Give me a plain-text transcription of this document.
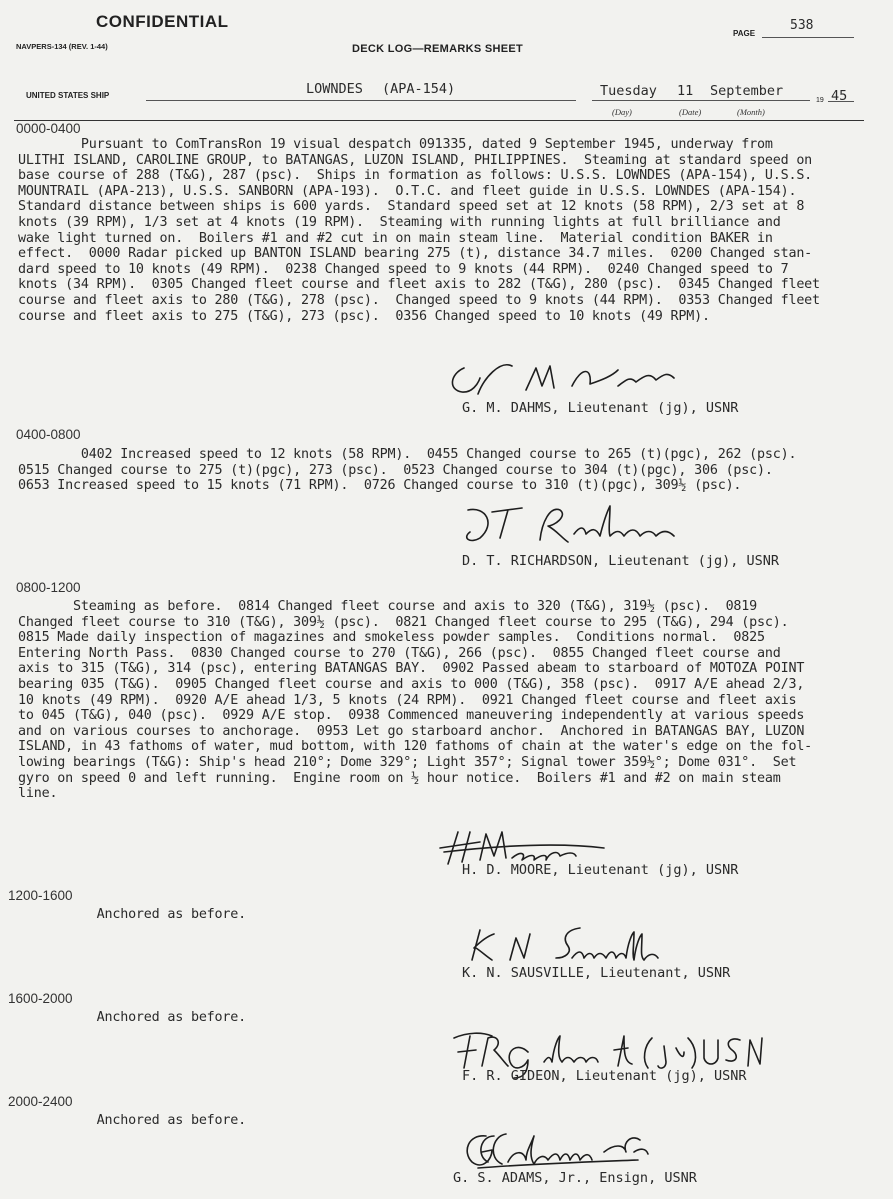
CONFIDENTIAL
NAVPERS-134 (REV. 1-44)	DECK LOG—REMARKS SHEET
PAGE
538
UNITED STATES SHIP	LOWNDES (APA-154)	Tuesday 11 September
(Day)	(Date)	(Month)
19 45
0000-0400
Pursuant to ComTransRon 19 visual despatch 091335, dated 9 September 1945, underway from
ULITHI ISLAND, CAROLINE GROUP, to BATANGAS, LUZON ISLAND, PHILIPPINES.  Steaming at standard speed on
base course of 288 (T&G), 287 (psc).  Ships in formation as follows: U.S.S. LOWNDES (APA-154), U.S.S.
MOUNTRAIL (APA-213), U.S.S. SANBORN (APA-193).  O.T.C. and fleet guide in U.S.S. LOWNDES (APA-154).
Standard distance between ships is 600 yards.  Standard speed set at 12 knots (58 RPM), 2/3 set at 8
knots (39 RPM), 1/3 set at 4 knots (19 RPM).  Steaming with running lights at full brilliance and
wake light turned on.  Boilers #1 and #2 cut in on main steam line.  Material condition BAKER in
effect.  0000 Radar picked up BANTON ISLAND bearing 275 (t), distance 34.7 miles.  0200 Changed stan-
dard speed to 10 knots (49 RPM).  0238 Changed speed to 9 knots (44 RPM).  0240 Changed speed to 7
knots (34 RPM).  0305 Changed fleet course and fleet axis to 282 (T&G), 280 (psc).  0345 Changed fleet
course and fleet axis to 280 (T&G), 278 (psc).  Changed speed to 9 knots (44 RPM).  0353 Changed fleet
course and fleet axis to 275 (T&G), 273 (psc).  0356 Changed speed to 10 knots (49 RPM).
G. M. DAHMS, Lieutenant (jg), USNR
0400-0800
0402 Increased speed to 12 knots (58 RPM).  0455 Changed course to 265 (t)(pgc), 262 (psc).
0515 Changed course to 275 (t)(pgc), 273 (psc).  0523 Changed course to 304 (t)(pgc), 306 (psc).
0653 Increased speed to 15 knots (71 RPM).  0726 Changed course to 310 (t)(pgc), 309½ (psc).
D. T. RICHARDSON, Lieutenant (jg), USNR
0800-1200
Steaming as before.  0814 Changed fleet course and axis to 320 (T&G), 319½ (psc).  0819
Changed fleet course to 310 (T&G), 309½ (psc).  0821 Changed fleet course to 295 (T&G), 294 (psc).
0815 Made daily inspection of magazines and smokeless powder samples.  Conditions normal.  0825
Entering North Pass.  0830 Changed course to 270 (T&G), 266 (psc).  0855 Changed fleet course and
axis to 315 (T&G), 314 (psc), entering BATANGAS BAY.  0902 Passed abeam to starboard of MOTOZA POINT
bearing 035 (T&G).  0905 Changed fleet course and axis to 000 (T&G), 358 (psc).  0917 A/E ahead 2/3,
10 knots (49 RPM).  0920 A/E ahead 1/3, 5 knots (24 RPM).  0921 Changed fleet course and fleet axis
to 045 (T&G), 040 (psc).  0929 A/E stop.  0938 Commenced maneuvering independently at various speeds
and on various courses to anchorage.  0953 Let go starboard anchor.  Anchored in BATANGAS BAY, LUZON
ISLAND, in 43 fathoms of water, mud bottom, with 120 fathoms of chain at the water's edge on the fol-
lowing bearings (T&G): Ship's head 210°; Dome 329°; Light 357°; Signal tower 359½°; Dome 031°.  Set
gyro on speed 0 and left running.  Engine room on ½ hour notice.  Boilers #1 and #2 on main steam
line.
H. D. MOORE, Lieutenant (jg), USNR
1200-1600
Anchored as before.
K. N. SAUSVILLE, Lieutenant, USNR
1600-2000
Anchored as before.
F. R. GIDEON, Lieutenant (jg), USNR
2000-2400
Anchored as before.
G. S. ADAMS, Jr., Ensign, USNR
